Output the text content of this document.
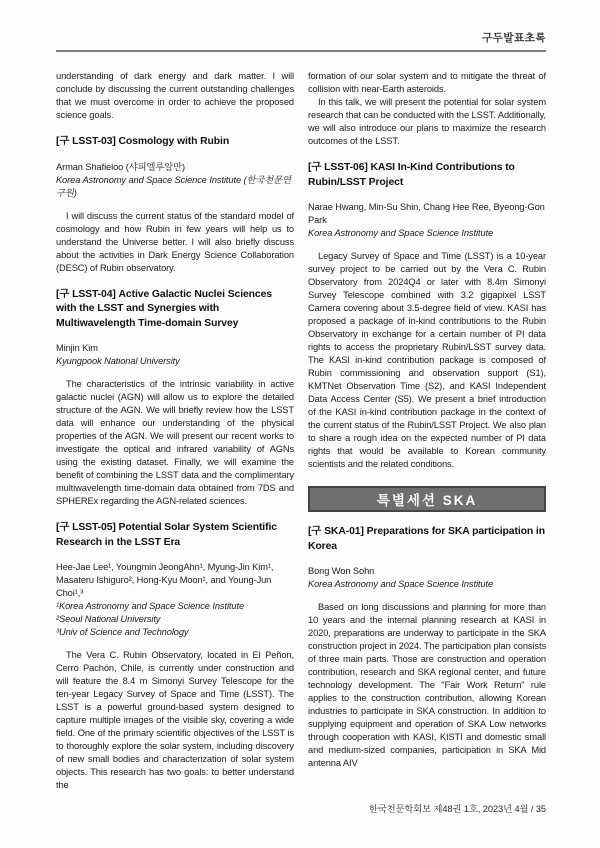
구두발표초록

understanding of dark energy and dark matter. I will conclude by discussing the current outstanding challenges that we must overcome in order to achieve the proposed science goals.

[구 LSST-03] Cosmology with Rubin

Arman Shafieloo (샤피엘루알만)

Korea Astronomy and Space Science Institute (한국천문연구원)

I will discuss the current status of the standard model of cosmology and how Rubin in few years will help us to understand the Universe better. I will also briefly discuss about the activities in Dark Energy Science Collaboration (DESC) of Rubin observatory.

[구 LSST-04] Active Galactic Nuclei Sciences with the LSST and Synergies with Multiwavelength Time-domain Survey

Minjin Kim

Kyungpook National University

The characteristics of the intrinsic variability in active galactic nuclei (AGN) will allow us to explore the detailed structure of the AGN. We will briefly review how the LSST data will enhance our understanding of the physical properties of the AGN. We will present our recent works to investigate the optical and infrared variability of AGNs using the existing dataset. Finally, we will examine the benefit of combining the LSST data and the complimentary multiwavelength time-domain data obtained from 7DS and SPHEREx regarding the AGN-related sciences.

[구 LSST-05] Potential Solar System Scientific Research in the LSST Era

Hee-Jae Lee¹, Youngmin JeongAhn¹, Myung-Jin Kim¹, Masateru Ishiguro², Hong-Kyu Moon¹, and Young-Jun Choi¹,³

¹Korea Astronomy and Space Science Institute

²Seoul National University

³Univ of Science and Technology

The Vera C. Rubin Observatory, located in El Peñon, Cerro Pachón, Chile, is currently under construction and will feature the 8.4 m Simonyi Survey Telescope for the ten-year Legacy Survey of Space and Time (LSST). The LSST is a powerful ground-based system designed to capture multiple images of the visible sky, covering a wide field. One of the primary scientific objectives of the LSST is to thoroughly explore the solar system, including discovery of new small bodies and characterization of solar system objects. This research has two goals: to better understand the

formation of our solar system and to mitigate the threat of collision with near-Earth asteroids.

In this talk, we will present the potential for solar system research that can be conducted with the LSST. Additionally, we will also introduce our plans to maximize the research outcomes of the LSST.

[구 LSST-06] KASI In-Kind Contributions to Rubin/LSST Project

Narae Hwang, Min-Su Shin, Chang Hee Ree, Byeong-Gon Park

Korea Astronomy and Space Science Institute

Legacy Survey of Space and Time (LSST) is a 10-year survey project to be carried out by the Vera C. Rubin Observatory from 2024Q4 or later with 8.4m Simonyi Survey Telescope combined with 3.2 gigapixel LSST Camera covering about 3.5-degree field of view. KASI has proposed a package of in-kind contributions to the Rubin Observatory in exchange for a certain number of PI data rights to access the proprietary Rubin/LSST survey data. The KASI in-kind contribution package is composed of Rubin commissioning and observation support (S1), KMTNet Observation Time (S2), and KASI Independent Data Access Center (S5). We present a brief introduction of the KASI in-kind contribution package in the context of the current status of the Rubin/LSST Project. We also plan to share a rough idea on the expected number of PI data rights that would be available to Korean community scientists and the related conditions.

특별세션 SKA
[구 SKA-01] Preparations for SKA participation in Korea

Bong Won Sohn

Korea Astronomy and Space Science Institute

Based on long discussions and planning for more than 10 years and the internal planning research at KASI in 2020, preparations are underway to participate in the SKA construction project in 2024. The participation plan consists of three main parts. Those are construction and operation contribution, research and SKA regional center, and future technology development. The "Fair Work Return" rule applies to the construction contribution, allowing Korean industries to participate in SKA construction. In addition to supplying equipment and operation of SKA Low networks through cooperation with KASI, KISTI and domestic small and medium-sized companies, participation in SKA Mid antenna AIV

한국천문학회보 제48권 1호, 2023년 4월 / 35
